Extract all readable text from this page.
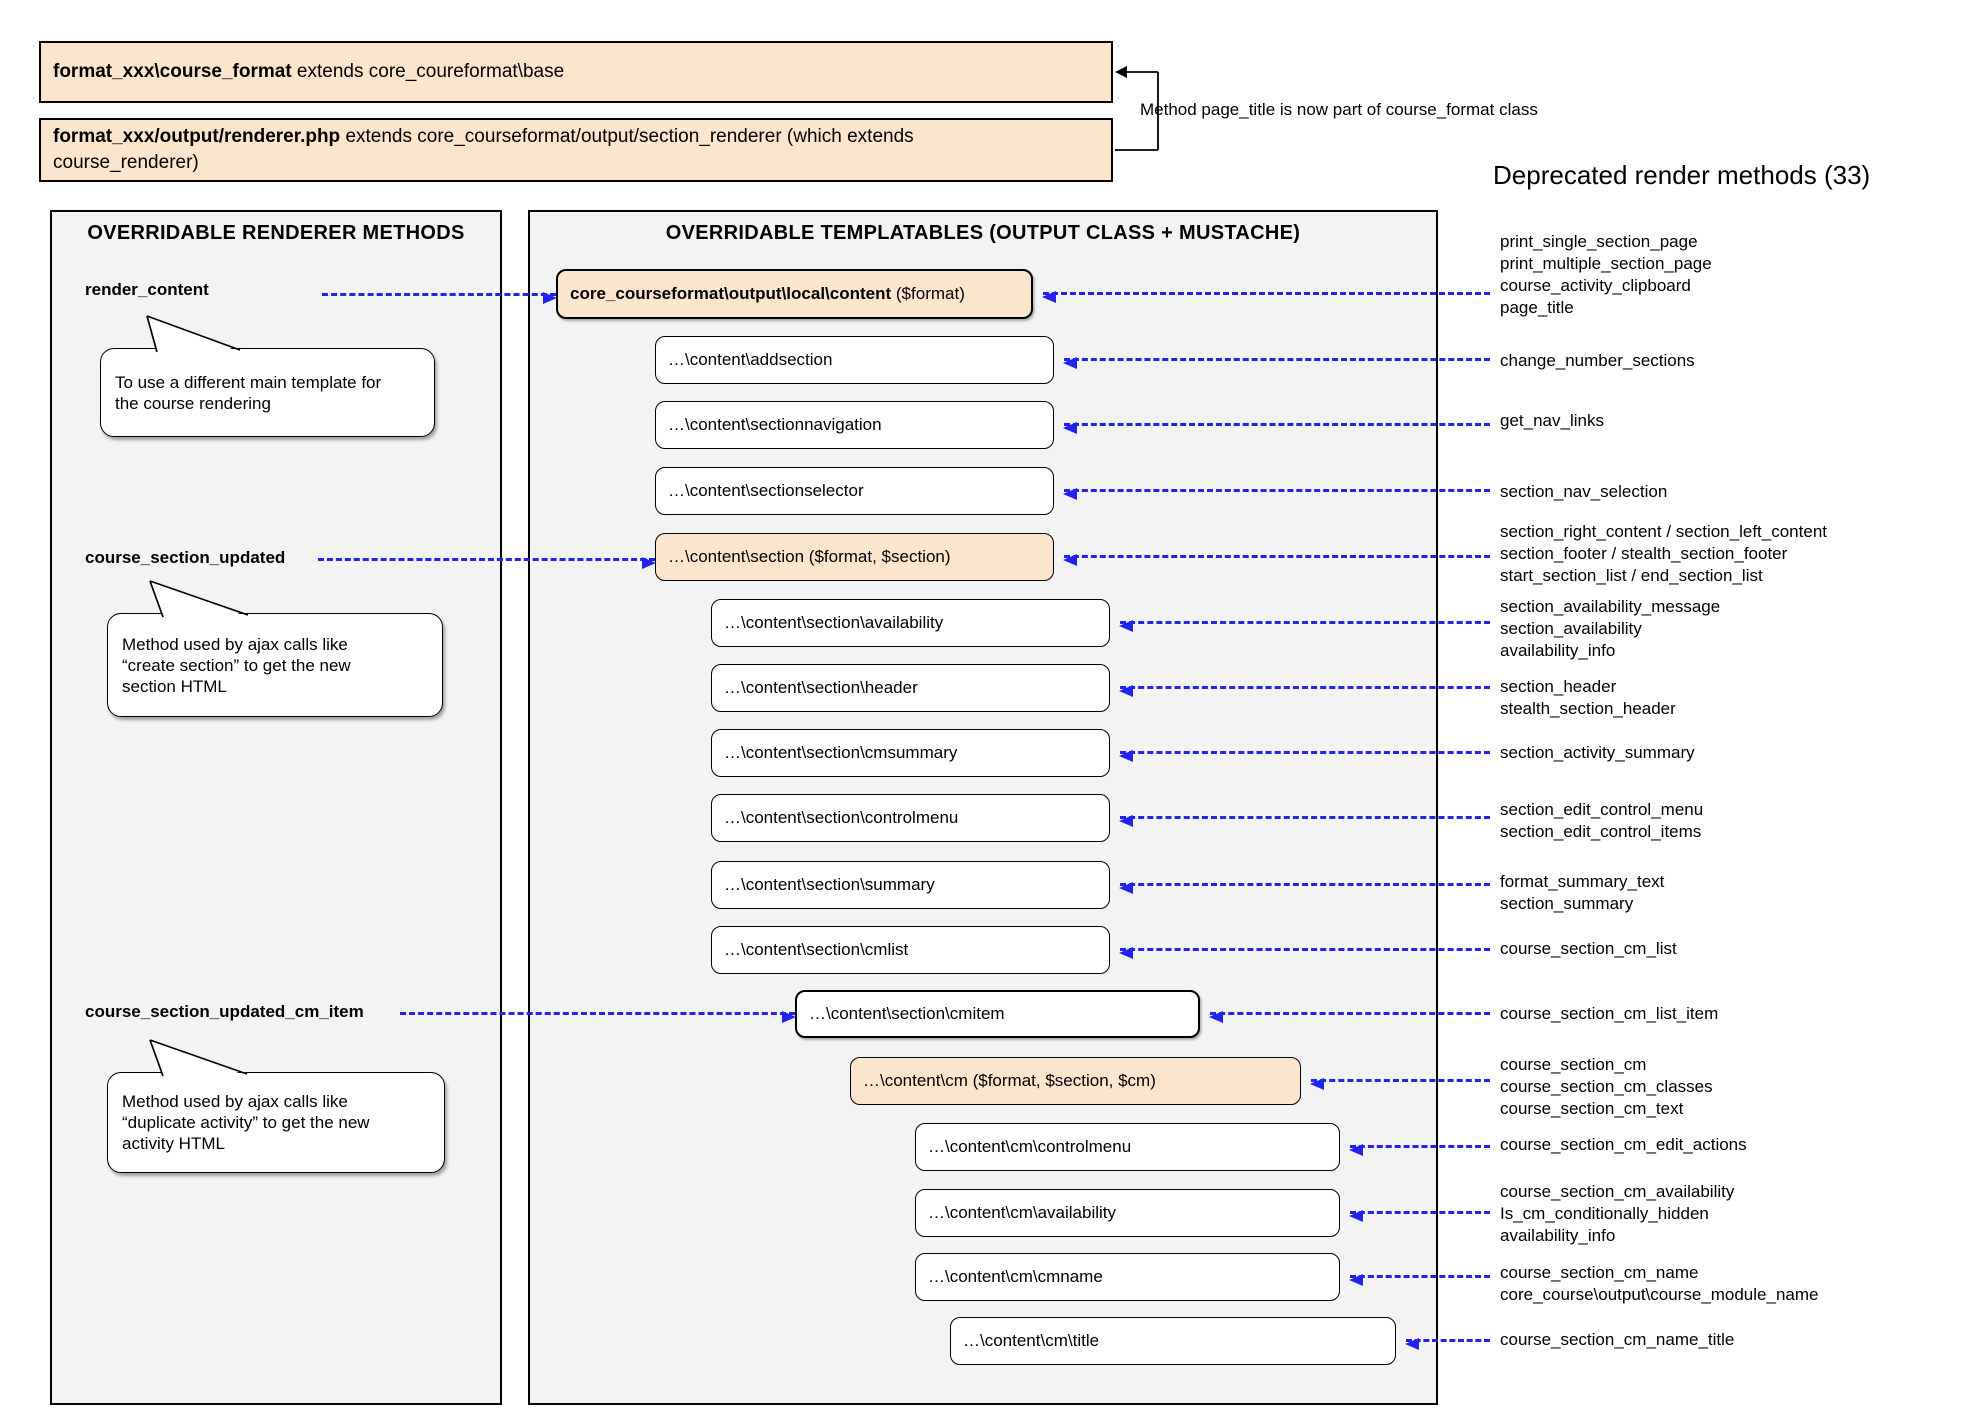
format_xxx\course_format extends core_coureformat\base
format_xxx/output/renderer.php extends core_courseformat/output/section_renderer (which extends course_renderer)
Method page_title is now part of course_format class
Deprecated render methods (33)
OVERRIDABLE RENDERER METHODS	OVERRIDABLE TEMPLATABLES (OUTPUT CLASS + MUSTACHE)
render_content
course_section_updated
course_section_updated_cm_item
To use a different main template for
the course rendering
Method used by ajax calls like
“create section” to get the new
section HTML
Method used by ajax calls like
“duplicate activity” to get the new
activity HTML
core_courseformat\output\local\content ($format)
…\content\addsection
…\content\sectionnavigation
…\content\sectionselector
…\content\section ($format, $section)
…\content\section\availability
…\content\section\header
…\content\section\cmsummary
…\content\section\controlmenu
…\content\section\summary
…\content\section\cmlist
…\content\section\cmitem
…\content\cm ($format, $section, $cm)
…\content\cm\controlmenu
…\content\cm\availability
…\content\cm\cmname
…\content\cm\title
print_single_section_page
print_multiple_section_page
course_activity_clipboard
page_title
change_number_sections
get_nav_links
section_nav_selection
section_right_content / section_left_content
section_footer / stealth_section_footer
start_section_list / end_section_list
section_availability_message
section_availability
availability_info
section_header
stealth_section_header
section_activity_summary
section_edit_control_menu
section_edit_control_items
format_summary_text
section_summary
course_section_cm_list
course_section_cm_list_item
course_section_cm
course_section_cm_classes
course_section_cm_text
course_section_cm_edit_actions
course_section_cm_availability
Is_cm_conditionally_hidden
availability_info
course_section_cm_name
core_course\output\course_module_name
course_section_cm_name_title
